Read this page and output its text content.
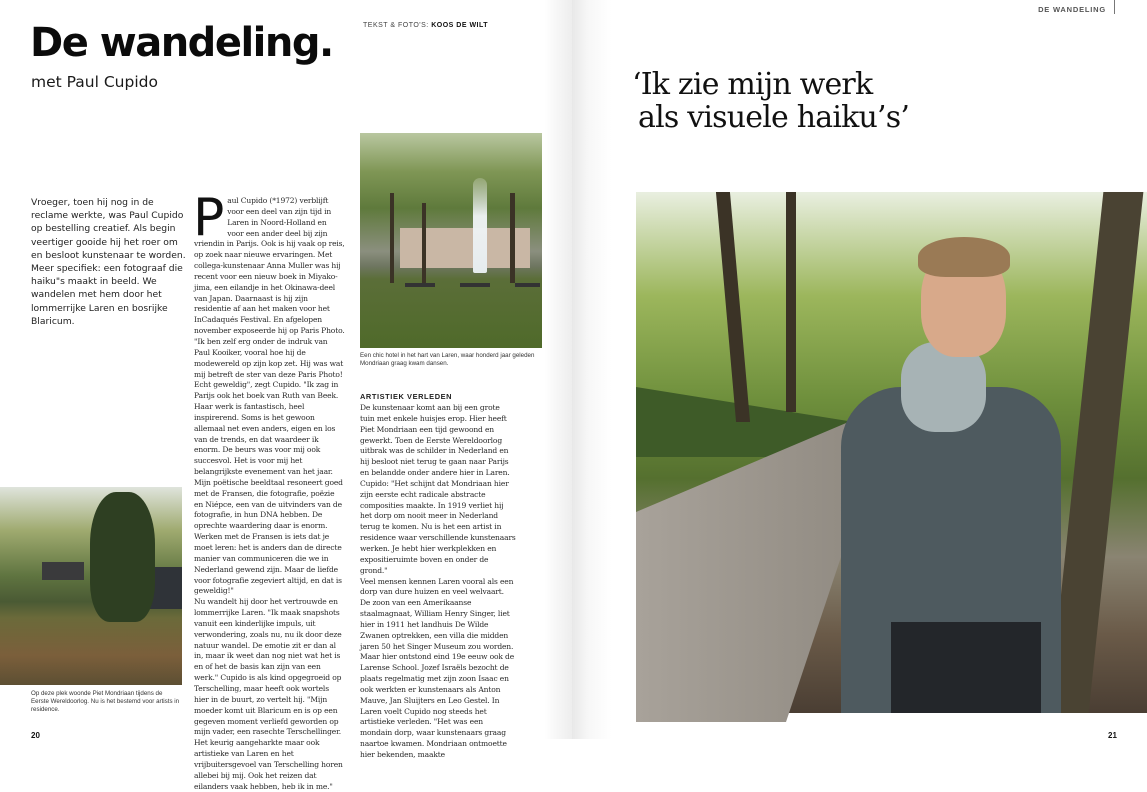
De wandeling.
met Paul Cupido
TEKST & FOTO'S: KOOS DE WILT
Vroeger, toen hij nog in de reclame werkte, was Paul Cupido op bestelling creatief. Als begin veertiger gooide hij het roer om en besloot kunstenaar te worden. Meer specifiek: een fotograaf die haiku"s maakt in beeld. We wandelen met hem door het lommerrijke Laren en bosrijke Blaricum.
P aul Cupido (*1972) verblijft voor een deel van zijn tijd in Laren in Noord-Holland en voor een ander deel bij zijn vriendin in Parijs. Ook is hij vaak op reis, op zoek naar nieuwe ervaringen. Met collega-kunstenaar Anna Muller was hij recent voor een nieuw boek in Miyako-jima, een eilandje in het Okinawa-deel van Japan. Daarnaast is hij zijn residentie af aan het maken voor het InCadaqués Festival. En afgelopen november exposeerde hij op Paris Photo. "Ik ben zelf erg onder de indruk van Paul Kooiker, vooral hoe hij de modewereld op zijn kop zet. Hij was wat mij betreft de ster van deze Paris Photo! Echt geweldig", zegt Cupido. "Ik zag in Parijs ook het boek van Ruth van Beek. Haar werk is fantastisch, heel inspirerend. Soms is het gewoon allemaal net even anders, eigen en los van de trends, en dat waardeer ik enorm. De beurs was voor mij ook succesvol. Het is voor mij het belangrijkste evenement van het jaar. Mijn poëtische beeldtaal resoneert goed met de Fransen, die fotografie, poëzie en Niépce, een van de uitvinders van de fotografie, in hun DNA hebben. De oprechte waardering daar is enorm. Werken met de Fransen is iets dat je moet leren: het is anders dan de directe manier van communiceren die we in Nederland gewend zijn. Maar de liefde voor fotografie zegeviert altijd, en dat is geweldig!"

Nu wandelt hij door het vertrouwde en lommerrijke Laren. "Ik maak snapshots vanuit een kinderlijke impuls, uit verwondering, zoals nu, nu ik door deze natuur wandel. De emotie zit er dan al in, maar ik weet dan nog niet wat het is en of het de basis kan zijn van een werk." Cupido is als kind opgegroeid op Terschelling, maar heeft ook wortels hier in de buurt, zo vertelt hij. "Mijn moeder komt uit Blaricum en is op een gegeven moment verliefd geworden op mijn vader, een rasechte Terschellinger. Het keurig aangeharkte maar ook artistieke van Laren en het vrijbuitersgevoel van Terschelling horen allebei bij mij. Ook het reizen dat eilanders vaak hebben, heb ik in me."

Een chic hotel in het hart van Laren, waar honderd jaar geleden Mondriaan graag kwam dansen.
ARTISTIEK VERLEDEN

De kunstenaar komt aan bij een grote tuin met enkele huisjes erop. Hier heeft Piet Mondriaan een tijd gewoond en gewerkt. Toen de Eerste Wereldoorlog uitbrak was de schilder in Nederland en hij besloot niet terug te gaan naar Parijs en belandde onder andere hier in Laren. Cupido: "Het schijnt dat Mondriaan hier zijn eerste echt radicale abstracte composities maakte. In 1919 verliet hij het dorp om nooit meer in Nederland terug te komen. Nu is het een artist in residence waar verschillende kunstenaars werken. Je hebt hier werkplekken en expositieruimte boven en onder de grond."

Veel mensen kennen Laren vooral als een dorp van dure huizen en veel welvaart. De zoon van een Amerikaanse staalmagnaat, William Henry Singer, liet hier in 1911 het landhuis De Wilde Zwanen optrekken, een villa die midden jaren 50 het Singer Museum zou worden. Maar hier ontstond eind 19e eeuw ook de Larense School. Jozef Israëls bezocht de plaats regelmatig met zijn zoon Isaac en ook werkten er kunstenaars als Anton Mauve, Jan Sluijters en Leo Gestel. In Laren voelt Cupido nog steeds het artistieke verleden. "Het was een mondain dorp, waar kunstenaars graag naartoe kwamen. Mondriaan ontmoette hier bekenden, maakte

Op deze plek woonde Piet Mondriaan tijdens de Eerste Wereldoorlog. Nu is het bestemd voor artists in residence.
20
DE WANDELING
‘Ik zie mijn werk
als visuele haiku’s’
21
